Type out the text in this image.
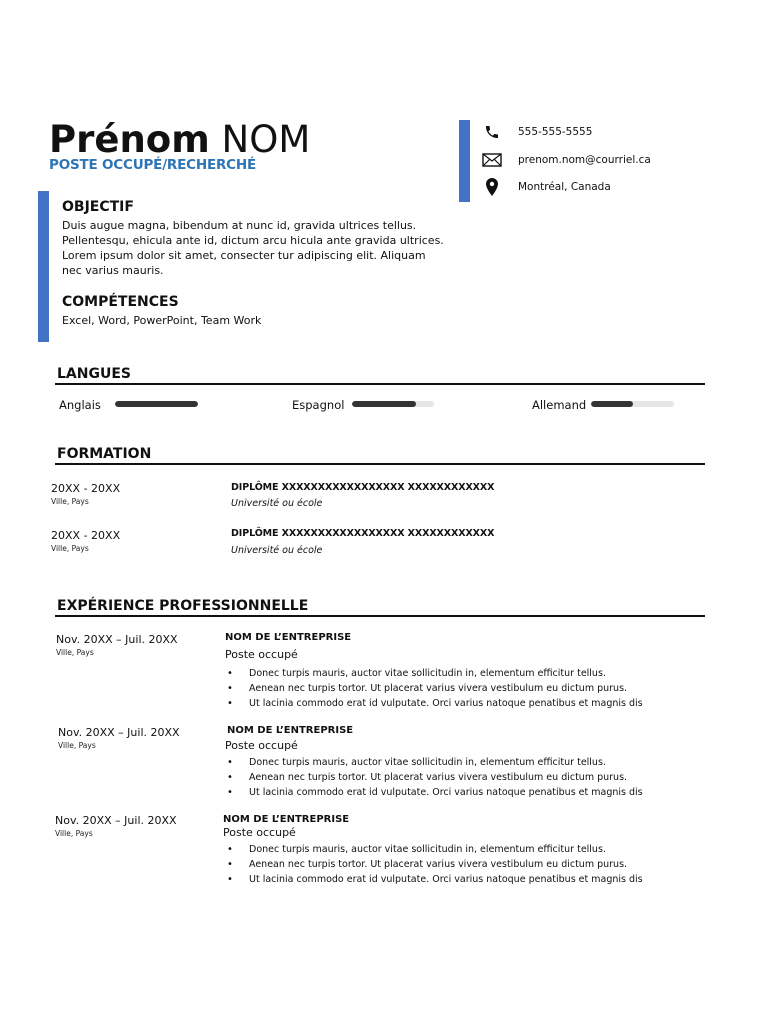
Prénom NOM
POSTE OCCUPÉ/RECHERCHÉ
555-555-5555
prenom.nom@courriel.ca
Montréal, Canada
OBJECTIF
Duis augue magna, bibendum at nunc id, gravida ultrices tellus.
Pellentesqu, ehicula ante id, dictum arcu hicula ante gravida ultrices.
Lorem ipsum dolor sit amet, consecter tur adipiscing elit. Aliquam
nec varius mauris.
COMPÉTENCES
Excel, Word, PowerPoint, Team Work
LANGUES
Anglais	Espagnol	Allemand
FORMATION
20XX - 20XX
Ville, Pays
DIPLÔME XXXXXXXXXXXXXXXXX XXXXXXXXXXXX
Université ou école
20XX - 20XX
Ville, Pays
DIPLÔME XXXXXXXXXXXXXXXXX XXXXXXXXXXXX
Université ou école
EXPÉRIENCE PROFESSIONNELLE
Nov. 20XX – Juil. 20XX
Ville, Pays
NOM DE L’ENTREPRISE
Poste occupé
• Donec turpis mauris, auctor vitae sollicitudin in, elementum efficitur tellus.
• Aenean nec turpis tortor. Ut placerat varius vivera vestibulum eu dictum purus.
• Ut lacinia commodo erat id vulputate. Orci varius natoque penatibus et magnis dis
Nov. 20XX – Juil. 20XX
Ville, Pays
NOM DE L’ENTREPRISE
Poste occupé
• Donec turpis mauris, auctor vitae sollicitudin in, elementum efficitur tellus.
• Aenean nec turpis tortor. Ut placerat varius vivera vestibulum eu dictum purus.
• Ut lacinia commodo erat id vulputate. Orci varius natoque penatibus et magnis dis
Nov. 20XX – Juil. 20XX
Ville, Pays
NOM DE L’ENTREPRISE
Poste occupé
• Donec turpis mauris, auctor vitae sollicitudin in, elementum efficitur tellus.
• Aenean nec turpis tortor. Ut placerat varius vivera vestibulum eu dictum purus.
• Ut lacinia commodo erat id vulputate. Orci varius natoque penatibus et magnis dis
